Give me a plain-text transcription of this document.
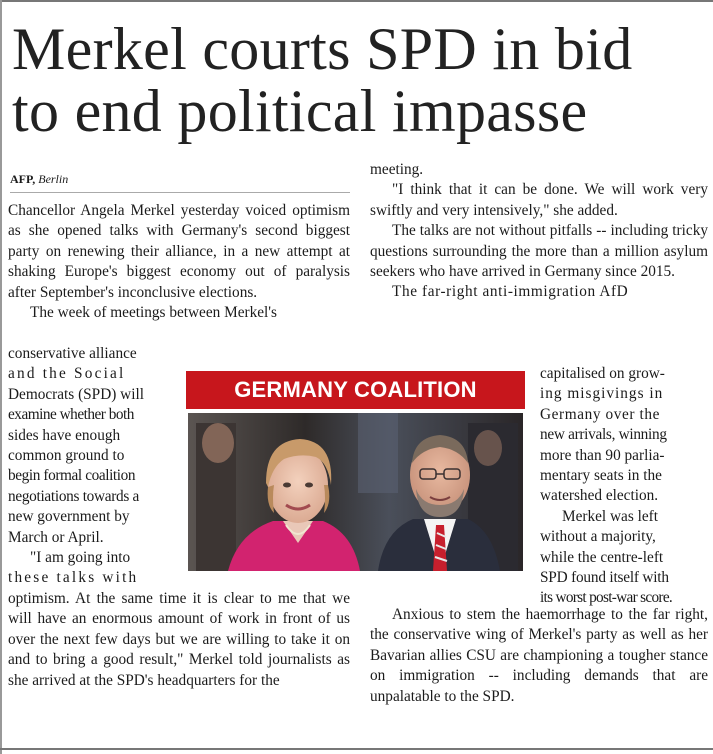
Merkel courts SPD in bid
to end political impasse
AFP, Berlin

Chancellor Angela Merkel yesterday voiced optimism as she opened talks with Germany's second biggest party on renewing their alliance, in a new attempt at shaking Europe's biggest economy out of paralysis after September's inconclusive elections.

The week of meetings between Merkel's

conservative alliance

and the Social

Democrats (SPD) will

examine whether both

sides have enough

common ground to

begin formal coalition

negotiations towards a

new government by

March or April.

"I am going into

these talks with

optimism. At the same time it is clear to me that we will have an enormous amount of work in front of us over the next few days but we are willing to take it on and to bring a good result," Merkel told journalists as she arrived at the SPD's headquarters for the

meeting.

"I think that it can be done. We will work very swiftly and very intensively," she added.

The talks are not without pitfalls -- including tricky questions surrounding the more than a million asylum seekers who have arrived in Germany since 2015.

The far-right anti-immigration AfD

capitalised on grow-

ing misgivings in

Germany over the

new arrivals, winning

more than 90 parlia-

mentary seats in the

watershed election.

Merkel was left

without a majority,

while the centre-left

SPD found itself with

its worst post-war score.

Anxious to stem the haemorrhage to the far right, the conservative wing of Merkel's party as well as her Bavarian allies CSU are championing a tougher stance on immigration -- including demands that are unpalatable to the SPD.

GERMANY COALITION
